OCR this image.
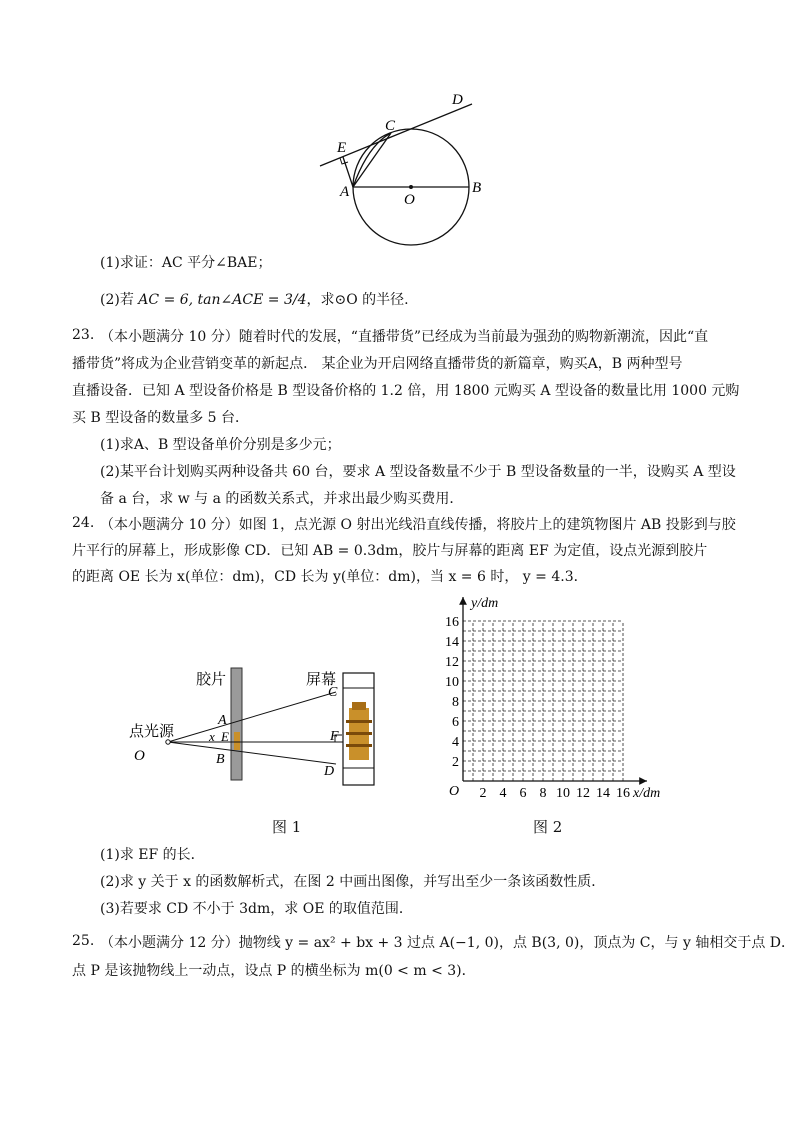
D
C
E
A	O
B
(1)求证：AC 平分∠BAE；
(2)若 AC = 6, tan∠ACE = 3/4，求⊙O 的半径.
23. （本小题满分 10 分）随着时代的发展，“直播带货”已经成为当前最为强劲的购物新潮流，因此“直
播带货”将成为企业营销变革的新起点． 某企业为开启网络直播带货的新篇章，购买A，B 两种型号
直播设备．已知 A 型设备价格是 B 型设备价格的 1.2 倍，用 1800 元购买 A 型设备的数量比用 1000 元购
买 B 型设备的数量多 5 台．
(1)求A、B 型设备单价分别是多少元；
(2)某平台计划购买两种设备共 60 台，要求 A 型设备数量不少于 B 型设备数量的一半，设购买 A 型设
备 a 台，求 w 与 a 的函数关系式，并求出最少购买费用．
24. （本小题满分 10 分）如图 1，点光源 O 射出光线沿直线传播，将胶片上的建筑物图片 AB 投影到与胶
片平行的屏幕上，形成影像 CD．已知 AB = 0.3dm，胶片与屏幕的距离 EF 为定值，设点光源到胶片
的距离 OE 长为 x(单位：dm)，CD 长为 y(单位：dm)，当 x = 6 时， y = 4.3．
胶片	屏幕
点光源
O
A
B
C
D
E	F
x
图 1
y/dm
x/dm
O
2
4
6
8
10
12
14
16
2 4 6 8 10 12 14 16
图 2
(1)求 EF 的长．
(2)求 y 关于 x 的函数解析式，在图 2 中画出图像，并写出至少一条该函数性质．
(3)若要求 CD 不小于 3dm，求 OE 的取值范围．
25. （本小题满分 12 分）抛物线 y = ax² + bx + 3 过点 A(−1, 0)，点 B(3, 0)，顶点为 C，与 y 轴相交于点 D．
点 P 是该抛物线上一动点，设点 P 的横坐标为 m(0 < m < 3)．
